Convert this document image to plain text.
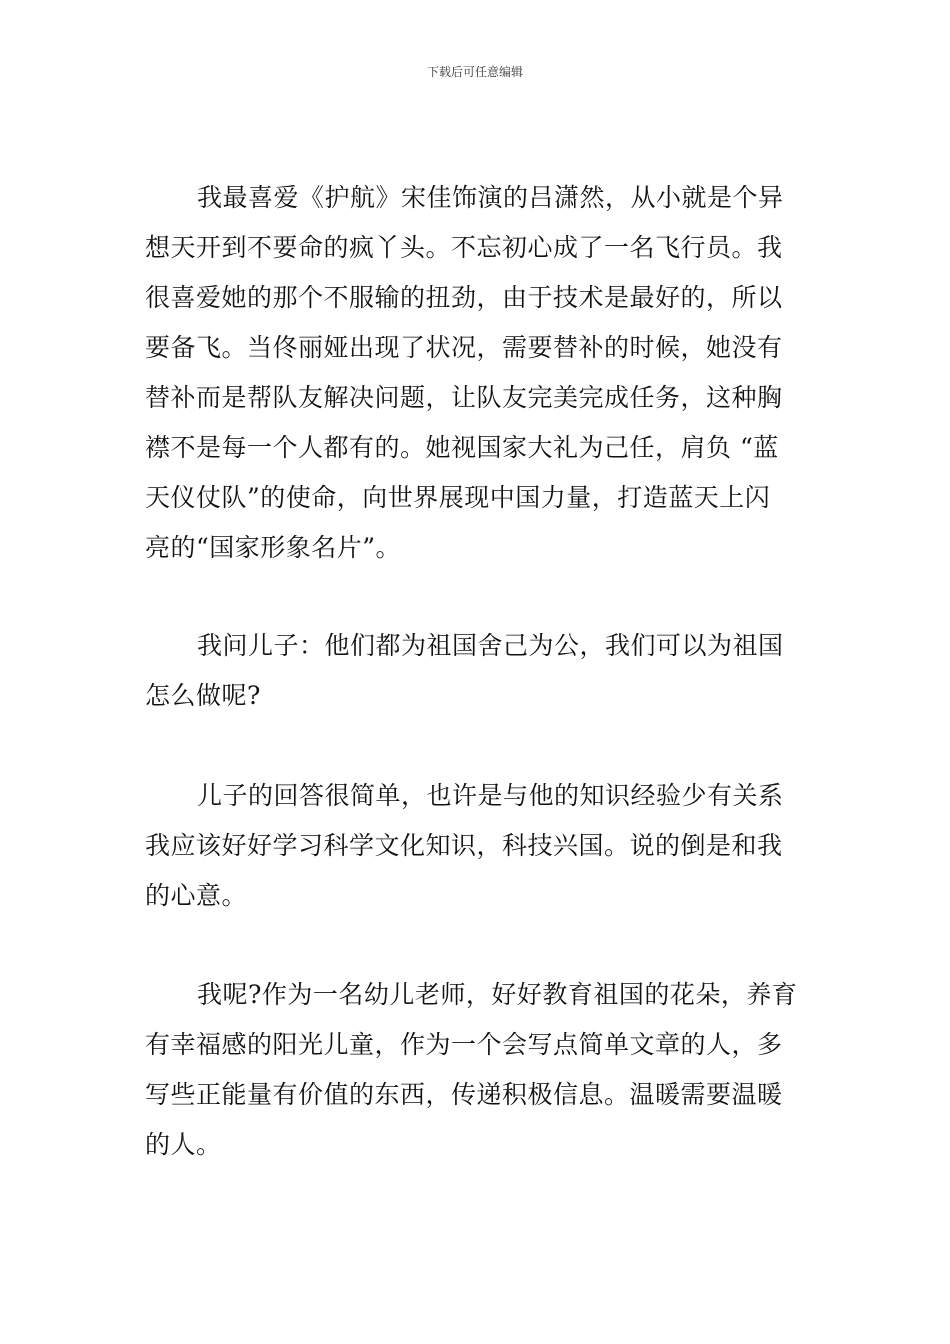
下载后可任意编辑
我最喜爱《护航》宋佳饰演的吕潇然，从小就是个异
想天开到不要命的疯丫头。不忘初心成了一名飞行员。我
很喜爱她的那个不服输的扭劲，由于技术是最好的，所以
要备飞。当佟丽娅出现了状况，需要替补的时候，她没有
替补而是帮队友解决问题，让队友完美完成任务，这种胸
襟不是每一个人都有的。她视国家大礼为己任，肩负 “蓝
天仪仗队”的使命，向世界展现中国力量，打造蓝天上闪
亮的“国家形象名片”。
我问儿子：他们都为祖国舍己为公，我们可以为祖国
怎么做呢?
儿子的回答很简单，也许是与他的知识经验少有关系
我应该好好学习科学文化知识，科技兴国。说的倒是和我
的心意。
我呢?作为一名幼儿老师，好好教育祖国的花朵，养育
有幸福感的阳光儿童，作为一个会写点简单文章的人，多
写些正能量有价值的东西，传递积极信息。温暖需要温暖
的人。
